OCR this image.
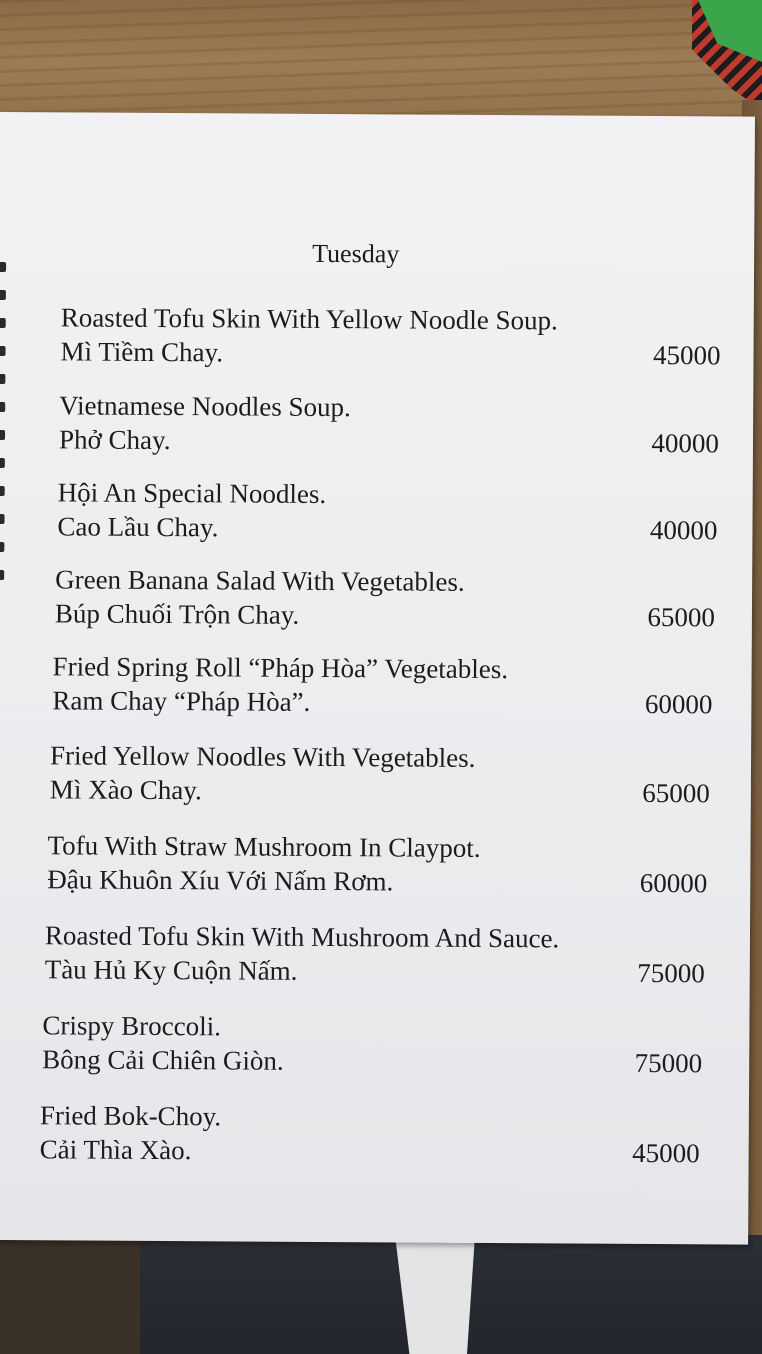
Tuesday
Roasted Tofu Skin With Yellow Noodle Soup.
Mì Tiềm Chay.	45000
Vietnamese Noodles Soup.
Phở Chay.	40000
Hội An Special Noodles.
Cao Lầu Chay.	40000
Green Banana Salad With Vegetables.
Búp Chuối Trộn Chay.	65000
Fried Spring Roll “Pháp Hòa” Vegetables.
Ram Chay “Pháp Hòa”.	60000
Fried Yellow Noodles With Vegetables.
Mì Xào Chay.	65000
Tofu With Straw Mushroom In Claypot.
Đậu Khuôn Xíu Với Nấm Rơm.	60000
Roasted Tofu Skin With Mushroom And Sauce.
Tàu Hủ Ky Cuộn Nấm.	75000
Crispy Broccoli.
Bông Cải Chiên Giòn.	75000
Fried Bok-Choy.
Cải Thìa Xào.	45000
